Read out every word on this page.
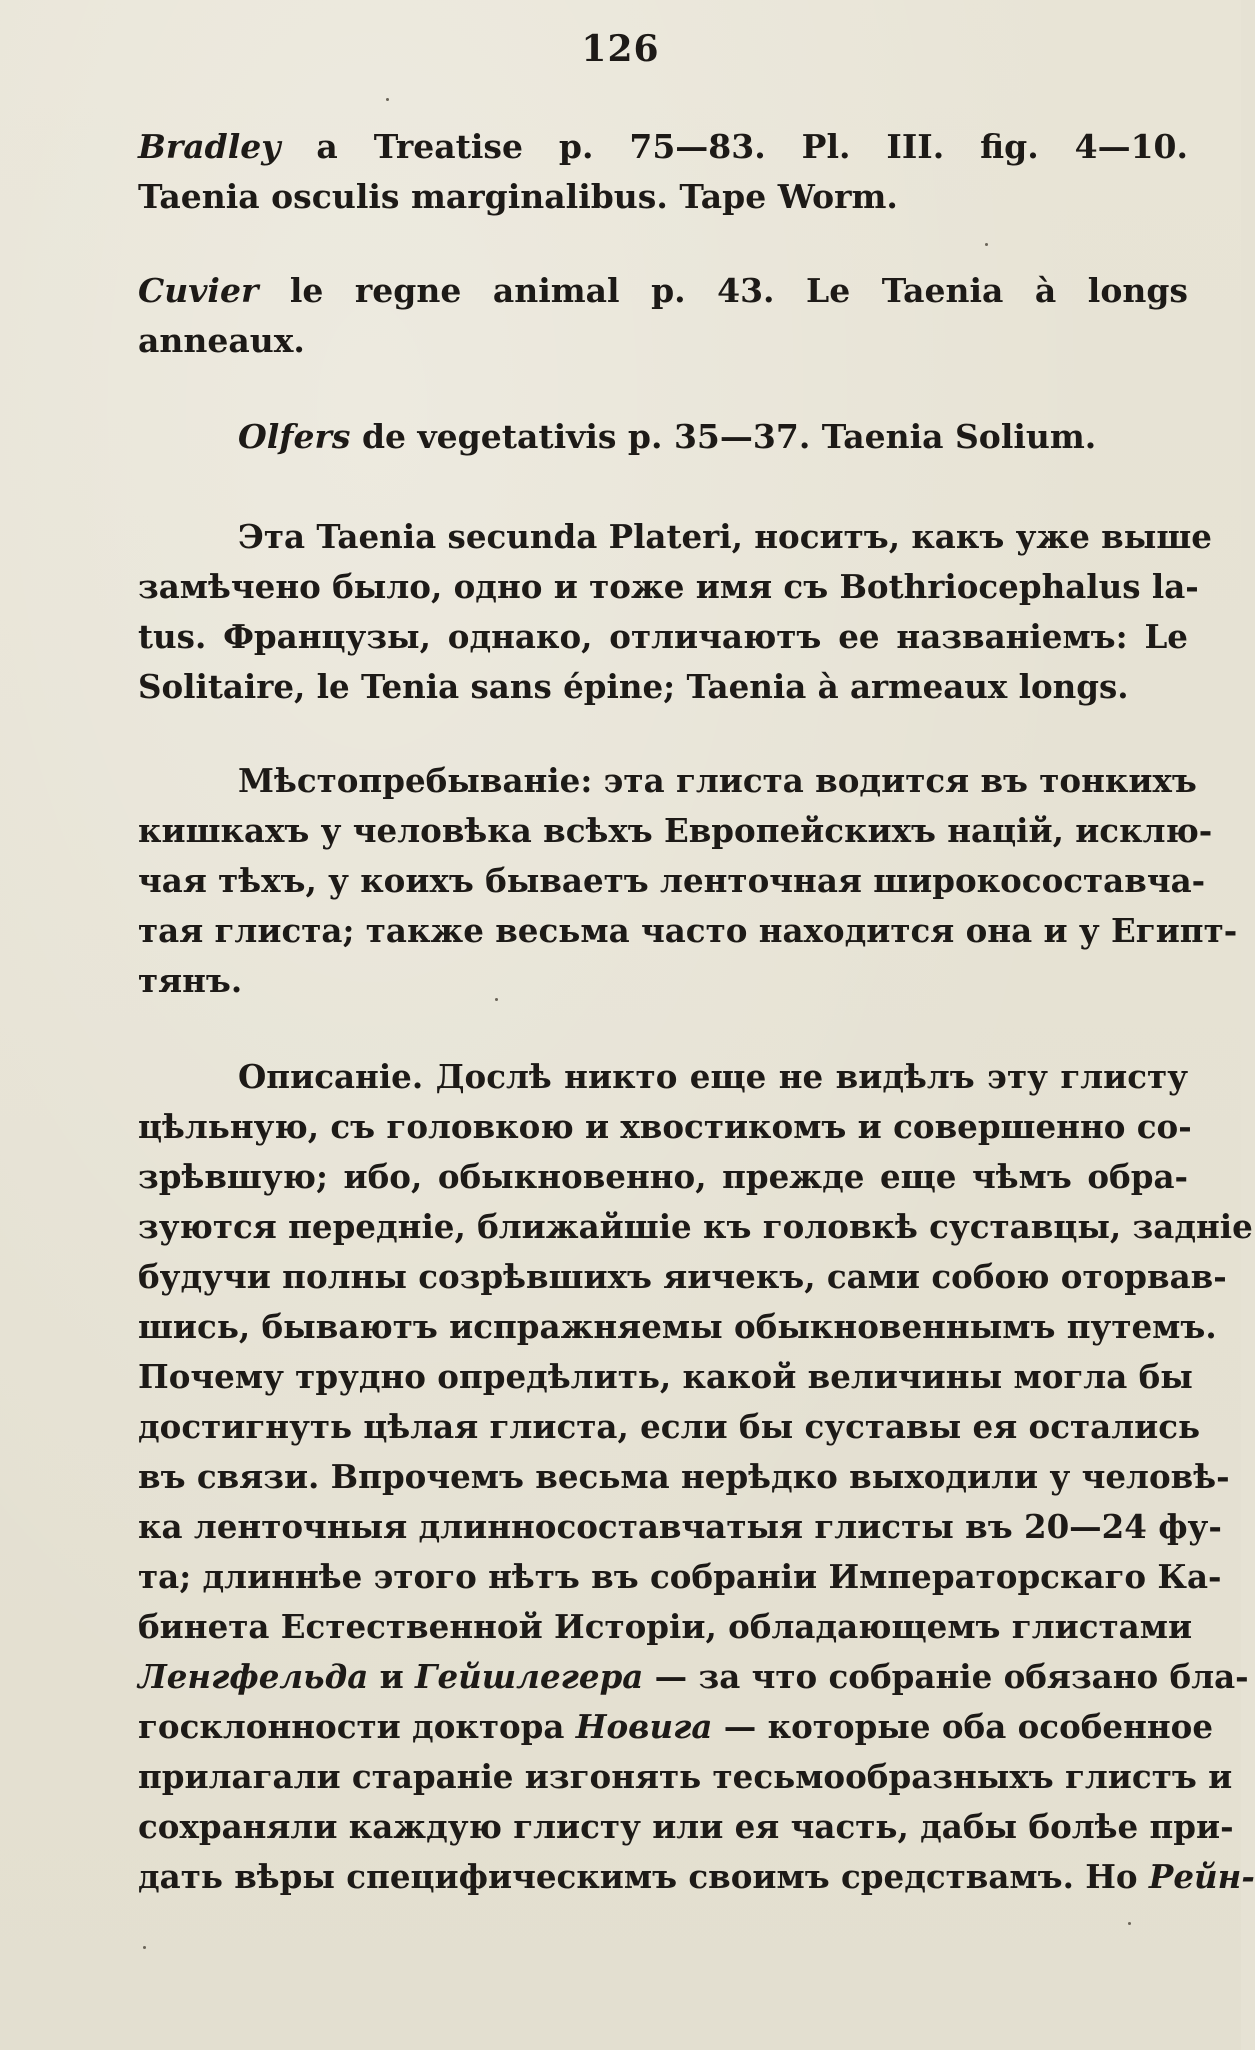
126
Bradley a Treatise p. 75—83. Pl. III. fig. 4—10.
Taenia osculis marginalibus. Tape Worm.
Cuvier le regne animal p. 43. Le Taenia à longs
anneaux.
Olfers de vegetativis p. 35—37. Taenia Solium.
Эта Taenia secunda Plateri, носитъ, какъ уже выше
замѣчено было, одно и тоже имя съ Bothriocephalus la-
tus. Французы, однако, отличаютъ ее названіемъ: Le
Solitaire, le Tenia sans épine; Taenia à armeaux longs.
Мѣстопребываніе: эта глиста водится въ тонкихъ
кишкахъ у человѣка всѣхъ Европейскихъ націй, исклю-
чая тѣхъ, у коихъ бываетъ ленточная широкосоставча-
тая глиста; также весьма часто находится она и у Египт-
тянъ.
Описаніе. Дослѣ никто еще не видѣлъ эту глисту
цѣльную, съ головкою и хвостикомъ и совершенно со-
зрѣвшую; ибо, обыкновенно, прежде еще чѣмъ обра-
зуются передніе, ближайшіе къ головкѣ суставцы, задніе
будучи полны созрѣвшихъ яичекъ, сами собою оторвав-
шись, бываютъ испражняемы обыкновеннымъ путемъ.
Почему трудно опредѣлить, какой величины могла бы
достигнуть цѣлая глиста, если бы суставы ея остались
въ связи. Впрочемъ весьма нерѣдко выходили у человѣ-
ка ленточныя длинносоставчатыя глисты въ 20—24 фу-
та; длиннѣе этого нѣтъ въ собраніи Императорскаго Ка-
бинета Естественной Исторіи, обладающемъ глистами
Ленгфельда и Гейшлегера — за что собраніе обязано бла-
госклонности доктора Новига — которые оба особенное
прилагали стараніе изгонять тесьмообразныхъ глистъ и
сохраняли каждую глисту или ея часть, дабы болѣе при-
дать вѣры специфическимъ своимъ средствамъ. Но Рейн-
